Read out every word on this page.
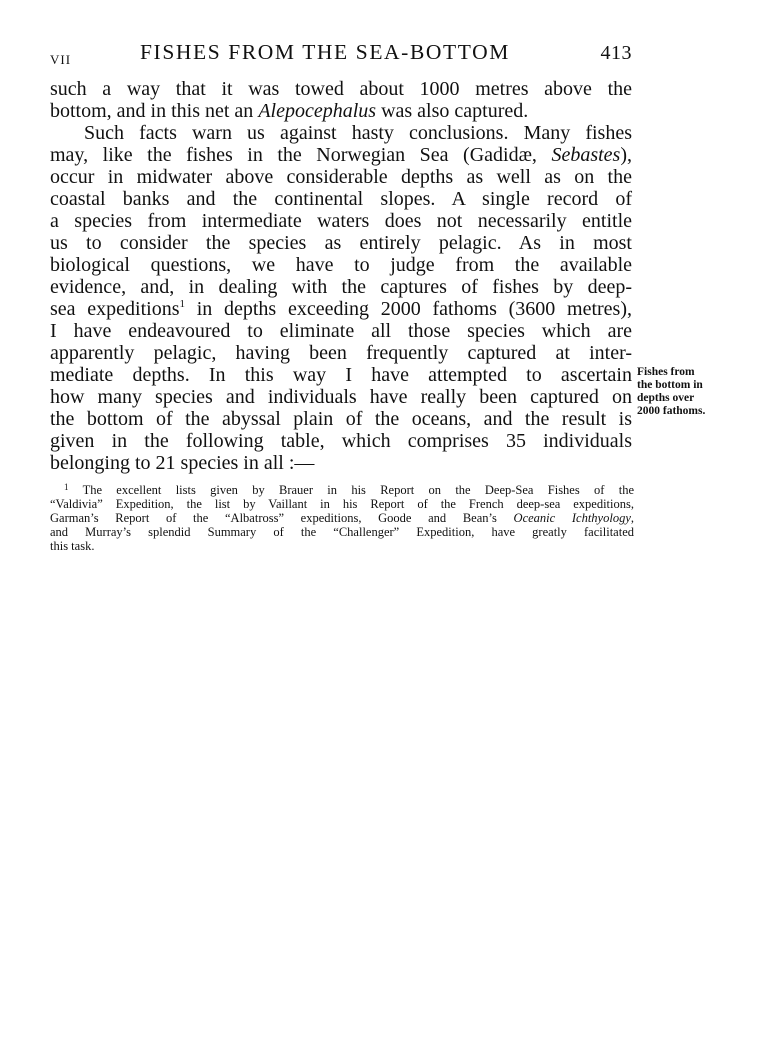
VII	FISHES FROM THE SEA-BOTTOM	413
such a way that it was towed about 1000 metres above the
bottom, and in this net an Alepocephalus was also captured.
Such facts warn us against hasty conclusions. Many fishes
may, like the fishes in the Norwegian Sea (Gadidæ, Sebastes),
occur in midwater above considerable depths as well as on the
coastal banks and the continental slopes. A single record of
a species from intermediate waters does not necessarily entitle
us to consider the species as entirely pelagic. As in most
biological questions, we have to judge from the available
evidence, and, in dealing with the captures of fishes by deep-
sea expeditions$^1$ in depths exceeding 2000 fathoms (3600 metres),
I have endeavoured to eliminate all those species which are
apparently pelagic, having been frequently captured at inter-
mediate depths. In this way I have attempted to ascertain
how many species and individuals have really been captured on
the bottom of the abyssal plain of the oceans, and the result is
given in the following table, which comprises 35 individuals
belonging to 21 species in all :—
Fishes from
the bottom in
depths over
2000 fathoms.
$^1$ The excellent lists given by Brauer in his Report on the Deep-Sea Fishes of the
“Valdivia” Expedition, the list by Vaillant in his Report of the French deep-sea expeditions,
Garman’s Report of the “Albatross” expeditions, Goode and Bean’s Oceanic Ichthyology,
and Murray’s splendid Summary of the “Challenger” Expedition, have greatly facilitated
this task.
